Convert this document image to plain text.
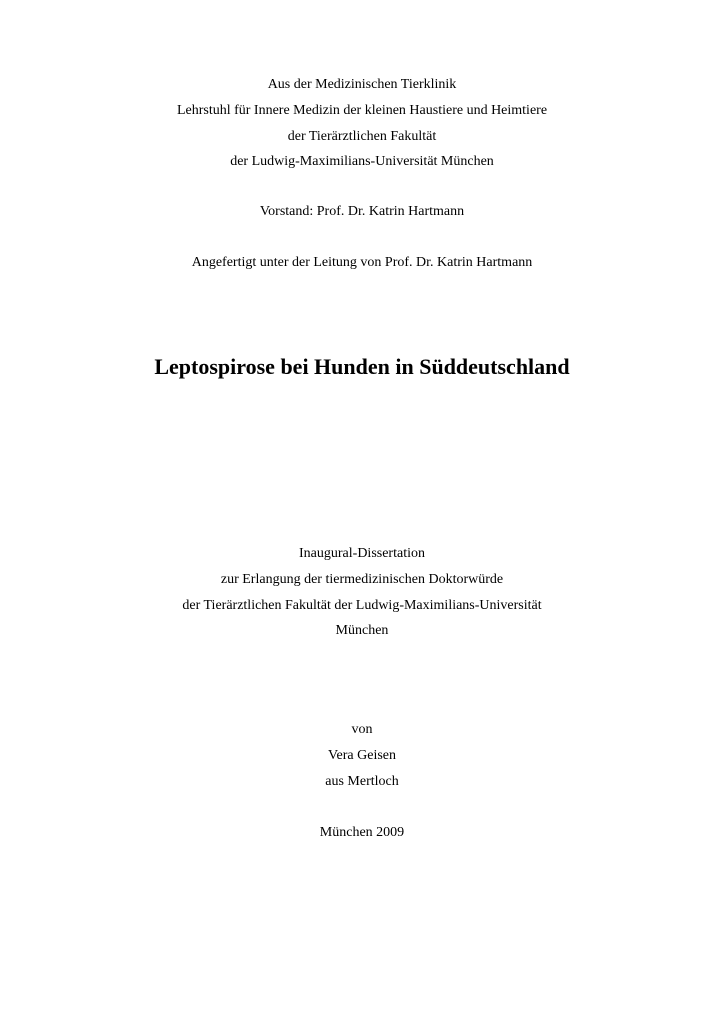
Aus der Medizinischen Tierklinik
Lehrstuhl für Innere Medizin der kleinen Haustiere und Heimtiere
der Tierärztlichen Fakultät
der Ludwig-Maximilians-Universität München
Vorstand: Prof. Dr. Katrin Hartmann
Angefertigt unter der Leitung von Prof. Dr. Katrin Hartmann
Leptospirose bei Hunden in Süddeutschland
Inaugural-Dissertation
zur Erlangung der tiermedizinischen Doktorwürde
der Tierärztlichen Fakultät der Ludwig-Maximilians-Universität
München
von
Vera Geisen
aus Mertloch
München 2009
